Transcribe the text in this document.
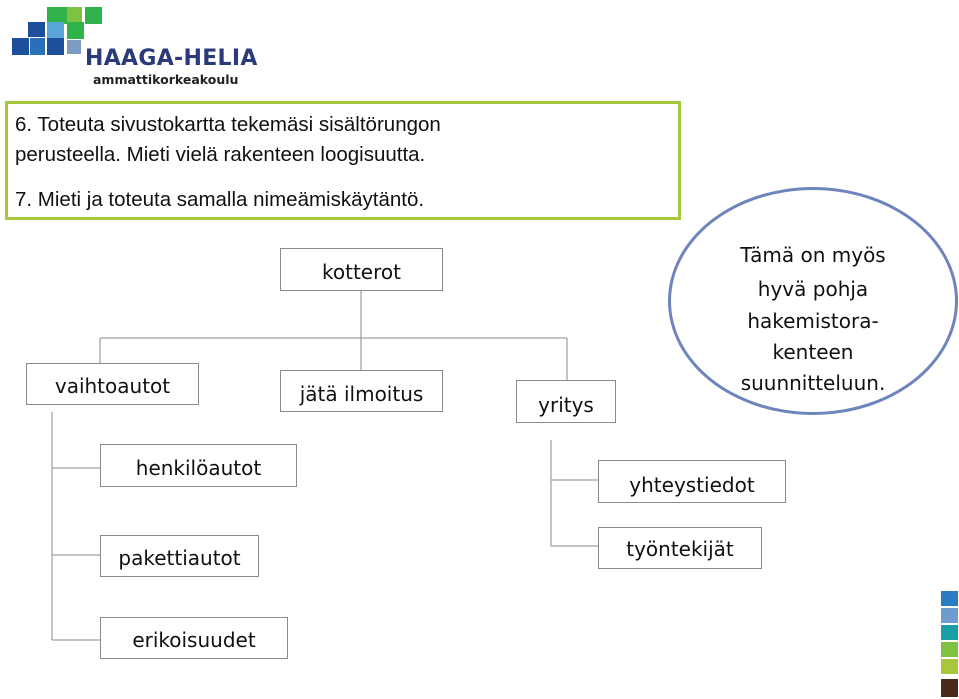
HAAGA-HELIA
ammattikorkeakoulu
6. Toteuta sivustokartta tekemäsi sisältörungon
perusteella. Mieti vielä rakenteen loogisuutta.
7. Mieti ja toteuta samalla nimeämiskäytäntö.
kotterot
vaihtoautot	jätä ilmoitus	yritys
henkilöautot
pakettiautot
erikoisuudet
yhteystiedot
työntekijät
Tämä on myös
hyvä pohja
hakemistora-
kenteen
suunnitteluun.
